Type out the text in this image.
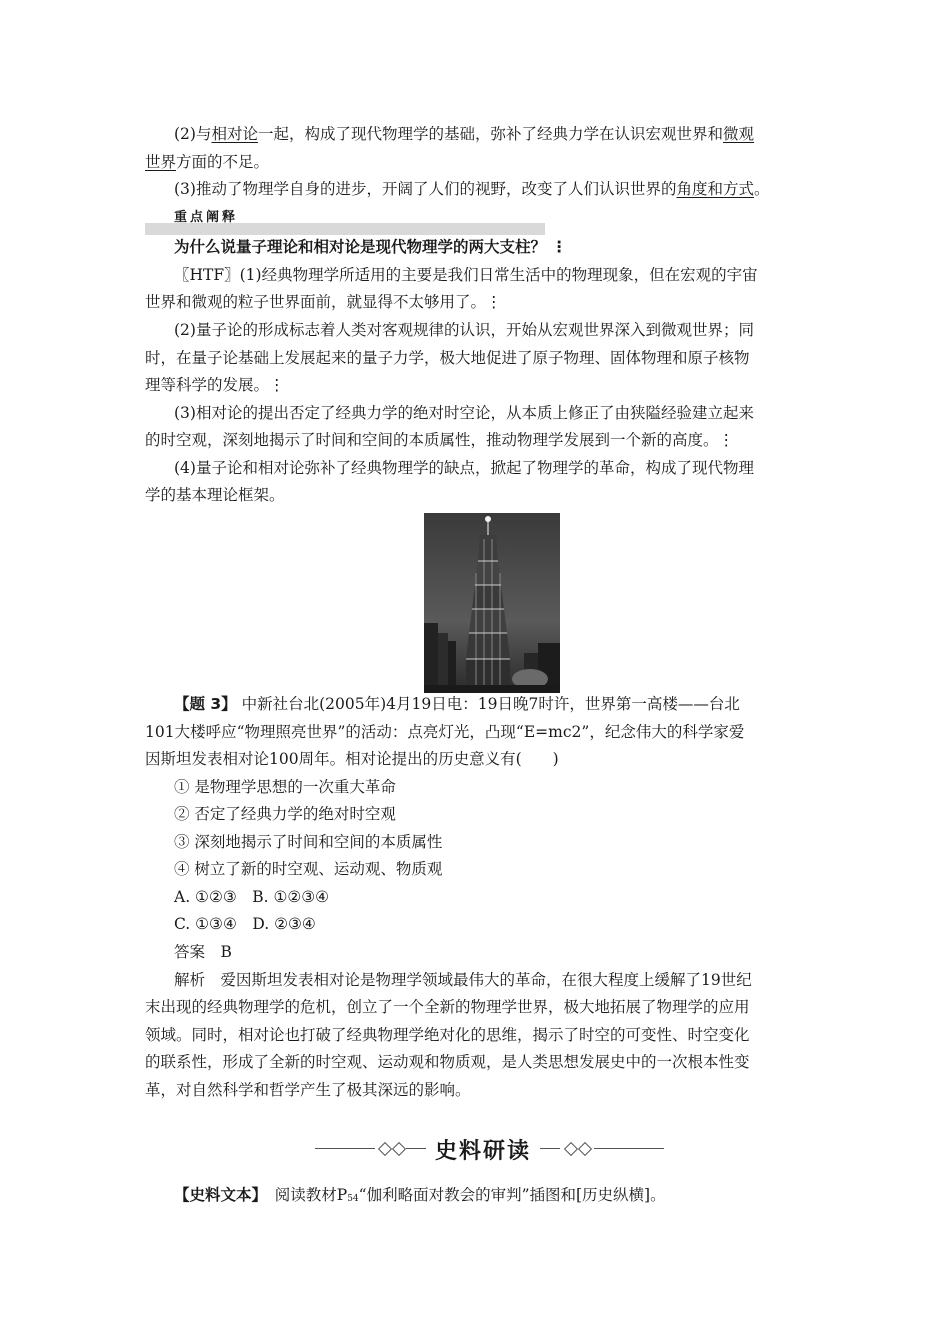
(2)与相对论一起，构成了现代物理学的基础，弥补了经典力学在认识宏观世界和微观
世界方面的不足。
(3)推动了物理学自身的进步，开阔了人们的视野，改变了人们认识世界的角度和方式。
重点阐释
为什么说量子理论和相对论是现代物理学的两大支柱？ ⋮
〖HTF〗(1)经典物理学所适用的主要是我们日常生活中的物理现象，但在宏观的宇宙
世界和微观的粒子世界面前，就显得不太够用了。⋮
(2)量子论的形成标志着人类对客观规律的认识，开始从宏观世界深入到微观世界；同
时，在量子论基础上发展起来的量子力学，极大地促进了原子物理、固体物理和原子核物
理等科学的发展。⋮
(3)相对论的提出否定了经典力学的绝对时空论，从本质上修正了由狭隘经验建立起来
的时空观，深刻地揭示了时间和空间的本质属性，推动物理学发展到一个新的高度。⋮
(4)量子论和相对论弥补了经典物理学的缺点，掀起了物理学的革命，构成了现代物理
学的基本理论框架。
【题 3】 中新社台北(2005年)4月19日电：19日晚7时许，世界第一高楼——台北
101大楼呼应“物理照亮世界”的活动：点亮灯光，凸现“E=mc2”，纪念伟大的科学家爱
因斯坦发表相对论100周年。相对论提出的历史意义有(　　)
① 是物理学思想的一次重大革命
② 否定了经典力学的绝对时空观
③ 深刻地揭示了时间和空间的本质属性
④ 树立了新的时空观、运动观、物质观
A. ①②③　B. ①②③④
C. ①③④　D. ②③④
答案　B
解析　爱因斯坦发表相对论是物理学领域最伟大的革命，在很大程度上缓解了19世纪
末出现的经典物理学的危机，创立了一个全新的物理学世界，极大地拓展了物理学的应用
领域。同时，相对论也打破了经典物理学绝对化的思维，揭示了时空的可变性、时空变化
的联系性，形成了全新的时空观、运动观和物质观，是人类思想发展史中的一次根本性变
革，对自然科学和哲学产生了极其深远的影响。
史料研读
【史料文本】　阅读教材$P_{54}“$伽利略面对教会的审判”插图和[历史纵横]。
